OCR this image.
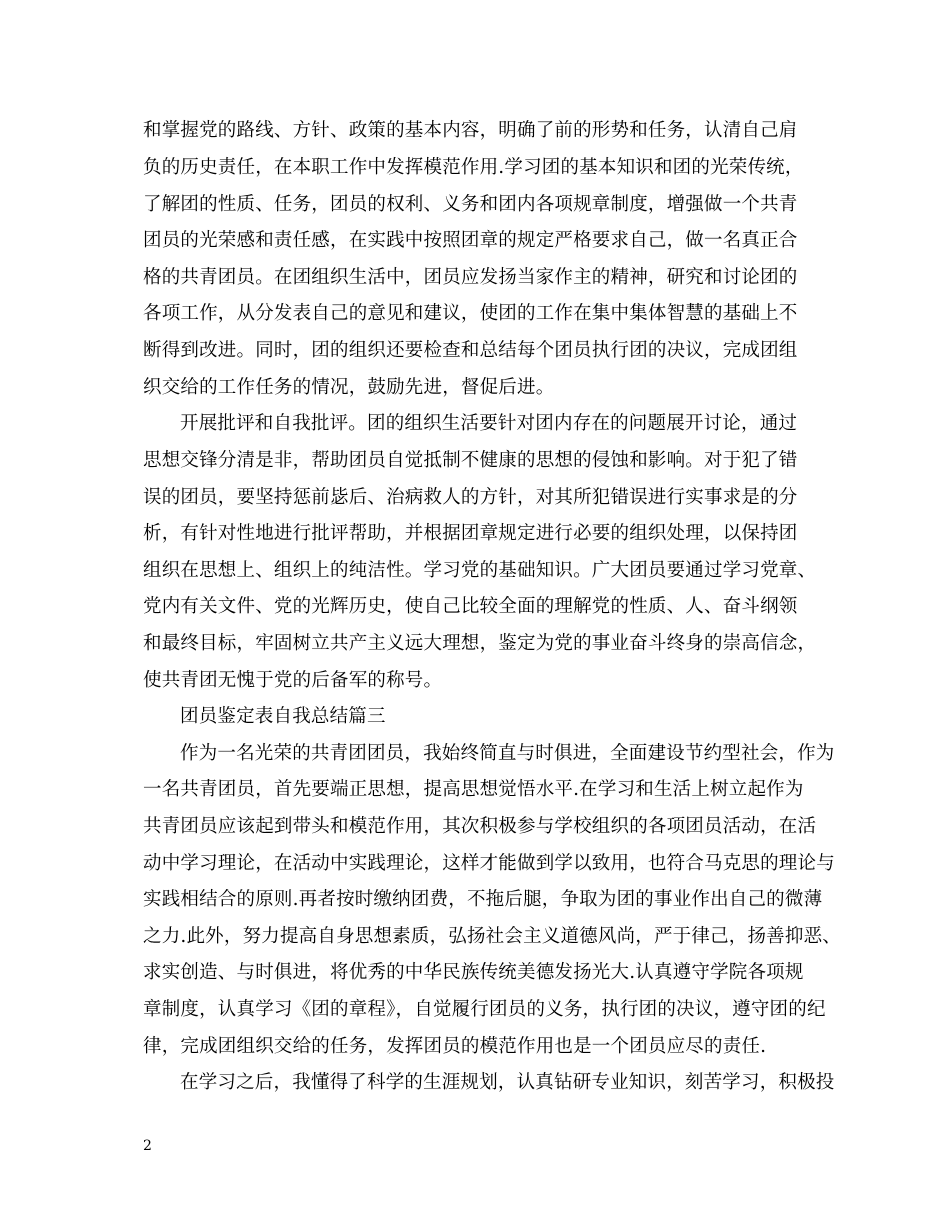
和掌握党的路线、方针、政策的基本内容，明确了前的形势和任务，认清自己肩
负的历史责任，在本职工作中发挥模范作用.学习团的基本知识和团的光荣传统，
了解团的性质、任务，团员的权利、义务和团内各项规章制度，增强做一个共青
团员的光荣感和责任感，在实践中按照团章的规定严格要求自己，做一名真正合
格的共青团员。在团组织生活中，团员应发扬当家作主的精神，研究和讨论团的
各项工作，从分发表自己的意见和建议，使团的工作在集中集体智慧的基础上不
断得到改进。同时，团的组织还要检查和总结每个团员执行团的决议，完成团组
织交给的工作任务的情况，鼓励先进，督促后进。
开展批评和自我批评。团的组织生活要针对团内存在的问题展开讨论，通过
思想交锋分清是非，帮助团员自觉抵制不健康的思想的侵蚀和影响。对于犯了错
误的团员，要坚持惩前毖后、治病救人的方针，对其所犯错误进行实事求是的分
析，有针对性地进行批评帮助，并根据团章规定进行必要的组织处理，以保持团
组织在思想上、组织上的纯洁性。学习党的基础知识。广大团员要通过学习党章、
党内有关文件、党的光辉历史，使自己比较全面的理解党的性质、人、奋斗纲领
和最终目标，牢固树立共产主义远大理想，鉴定为党的事业奋斗终身的崇高信念，
使共青团无愧于党的后备军的称号。
团员鉴定表自我总结篇三
作为一名光荣的共青团团员，我始终简直与时俱进，全面建设节约型社会，作为
一名共青团员，首先要端正思想，提高思想觉悟水平.在学习和生活上树立起作为
共青团员应该起到带头和模范作用，其次积极参与学校组织的各项团员活动，在活
动中学习理论，在活动中实践理论，这样才能做到学以致用，也符合马克思的理论与
实践相结合的原则.再者按时缴纳团费，不拖后腿，争取为团的事业作出自己的微薄
之力.此外，努力提高自身思想素质，弘扬社会主义道德风尚，严于律己，扬善抑恶、
求实创造、与时俱进，将优秀的中华民族传统美德发扬光大.认真遵守学院各项规
章制度，认真学习《团的章程》，自觉履行团员的义务，执行团的决议，遵守团的纪
律，完成团组织交给的任务，发挥团员的模范作用也是一个团员应尽的责任.
在学习之后，我懂得了科学的生涯规划，认真钻研专业知识，刻苦学习，积极投
2
